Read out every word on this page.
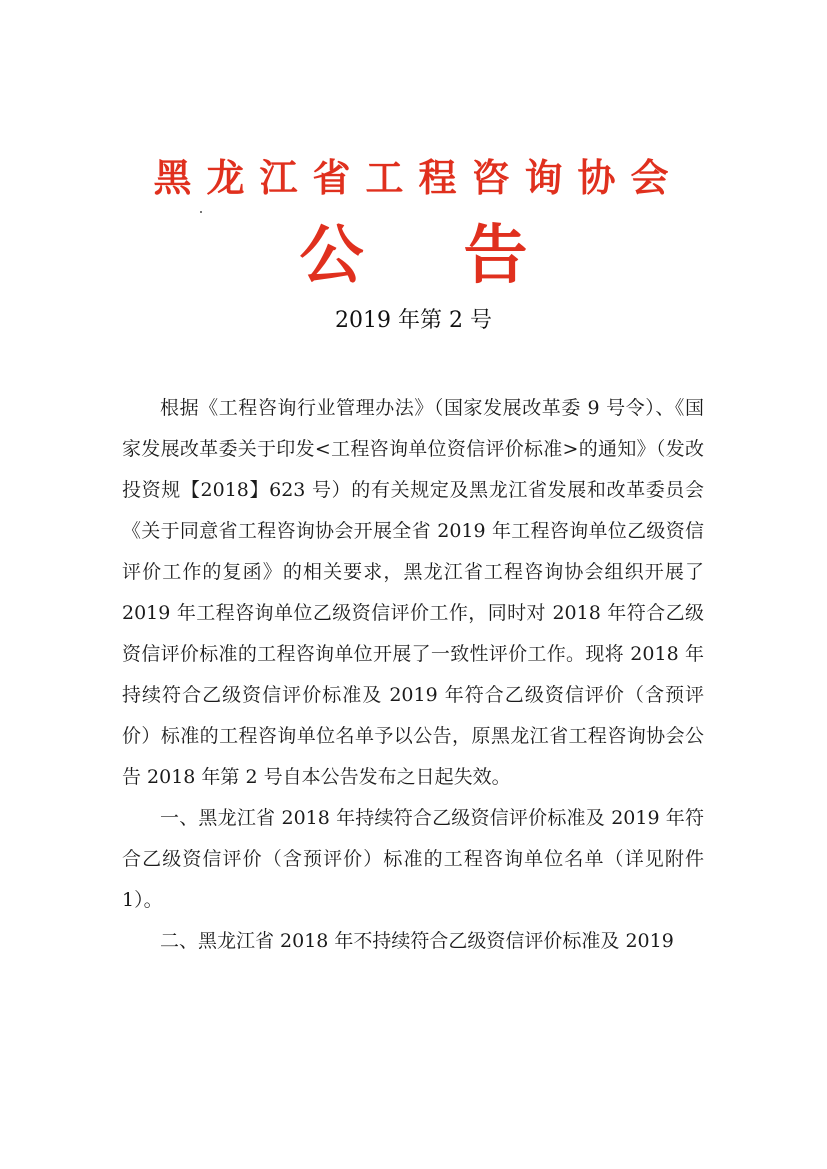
黑龙江省工程咨询协会
公 告
2019 年第 2 号

根据《工程咨询行业管理办法》（国家发展改革委 9 号令）、《国家发展改革委关于印发<工程咨询单位资信评价标准>的通知》（发改投资规【2018】623 号）的有关规定及黑龙江省发展和改革委员会《关于同意省工程咨询协会开展全省 2019 年工程咨询单位乙级资信评价工作的复函》的相关要求，黑龙江省工程咨询协会组织开展了 2019 年工程咨询单位乙级资信评价工作，同时对 2018 年符合乙级资信评价标准的工程咨询单位开展了一致性评价工作。现将 2018 年持续符合乙级资信评价标准及 2019 年符合乙级资信评价（含预评价）标准的工程咨询单位名单予以公告，原黑龙江省工程咨询协会公告 2018 年第 2 号自本公告发布之日起失效。

一、黑龙江省 2018 年持续符合乙级资信评价标准及 2019 年符合乙级资信评价（含预评价）标准的工程咨询单位名单（详见附件 1）。

二、黑龙江省 2018 年不持续符合乙级资信评价标准及 2019
